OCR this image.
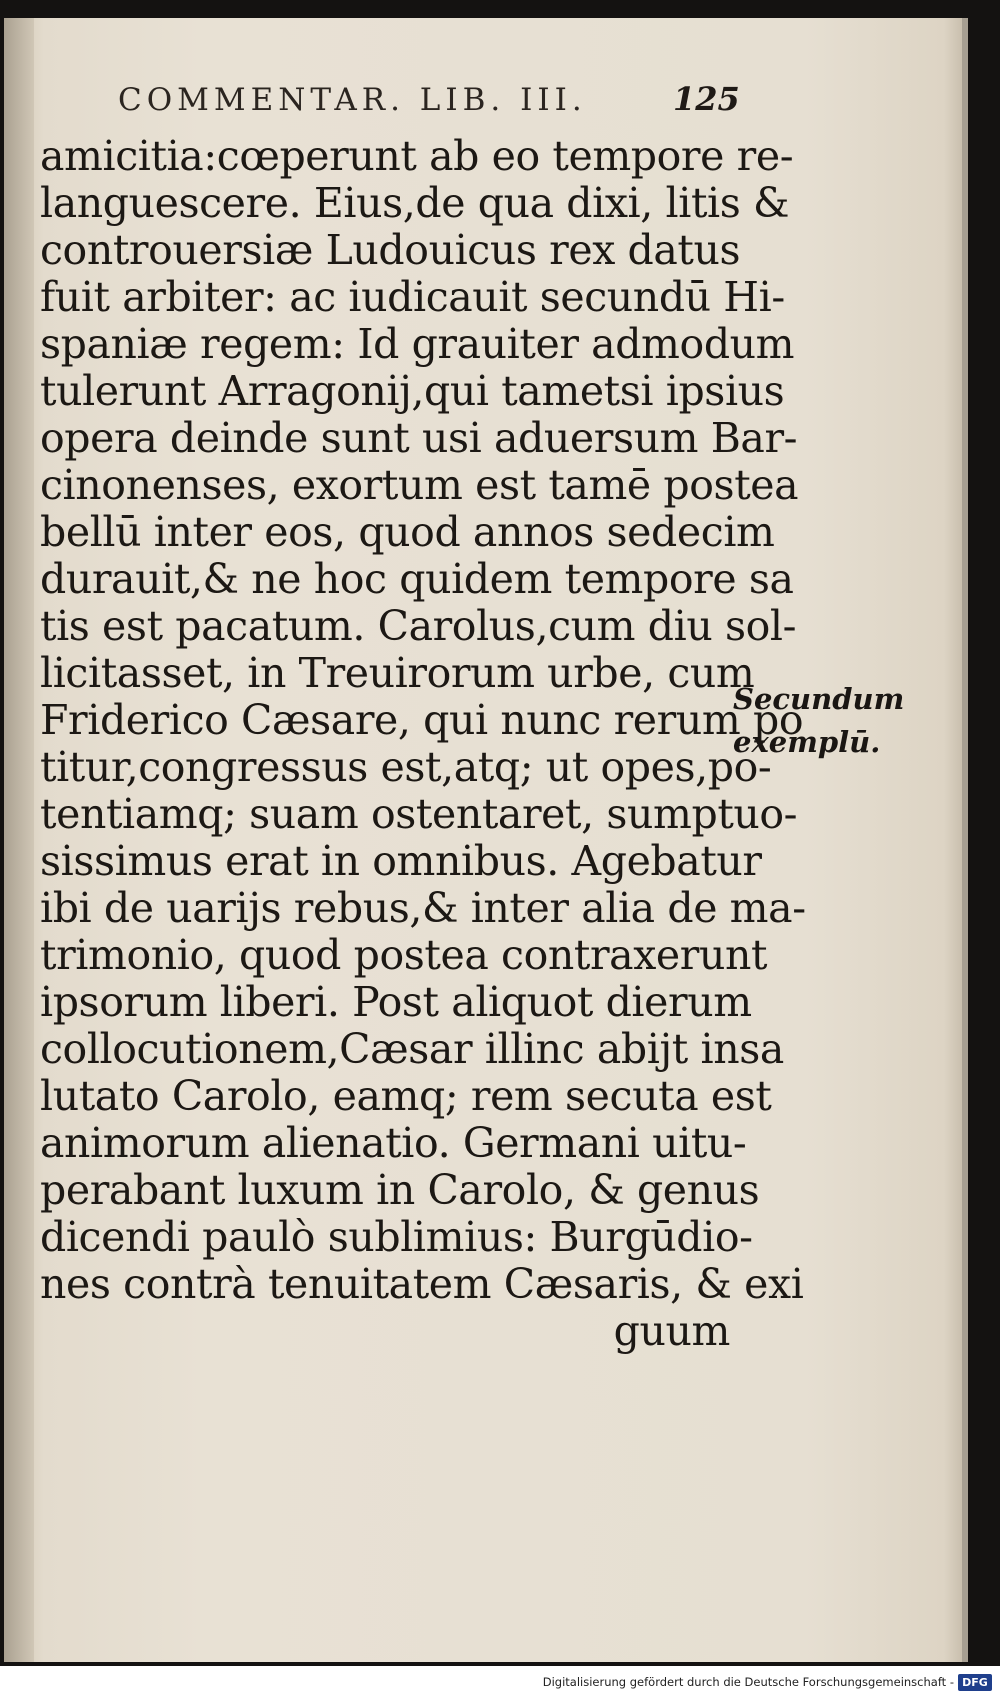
COMMENTAR. LIB. III.	125
amicitia:cœperunt ab eo tempore re-
languescere. Eius,de qua dixi, litis &
controuersiæ Ludouicus rex datus
fuit arbiter: ac iudicauit secundū Hi-
spaniæ regem: Id grauiter admodum
tulerunt Arragonij,qui tametsi ipsius
opera deinde sunt usi aduersum Bar-
cinonenses, exortum est tamē postea
bellū inter eos, quod annos sedecim
durauit,& ne hoc quidem tempore sa
tis est pacatum. Carolus,cum diu sol-
licitasset, in Treuirorum urbe, cum
Friderico Cæsare, qui nunc rerum po
titur,congressus est,atq; ut opes,po-
tentiamq; suam ostentaret, sumptuo-
sissimus erat in omnibus. Agebatur
ibi de uarijs rebus,& inter alia de ma-
trimonio, quod postea contraxerunt
ipsorum liberi. Post aliquot dierum
collocutionem,Cæsar illinc abijt insa
lutato Carolo, eamq; rem secuta est
animorum alienatio. Germani uitu-
perabant luxum in Carolo, & genus
dicendi paulò sublimius: Burgūdio-
nes contrà tenuitatem Cæsaris, & exi
guum
Secundum
exemplū.
Digitalisierung gefördert durch die Deutsche Forschungsgemeinschaft - DFG
